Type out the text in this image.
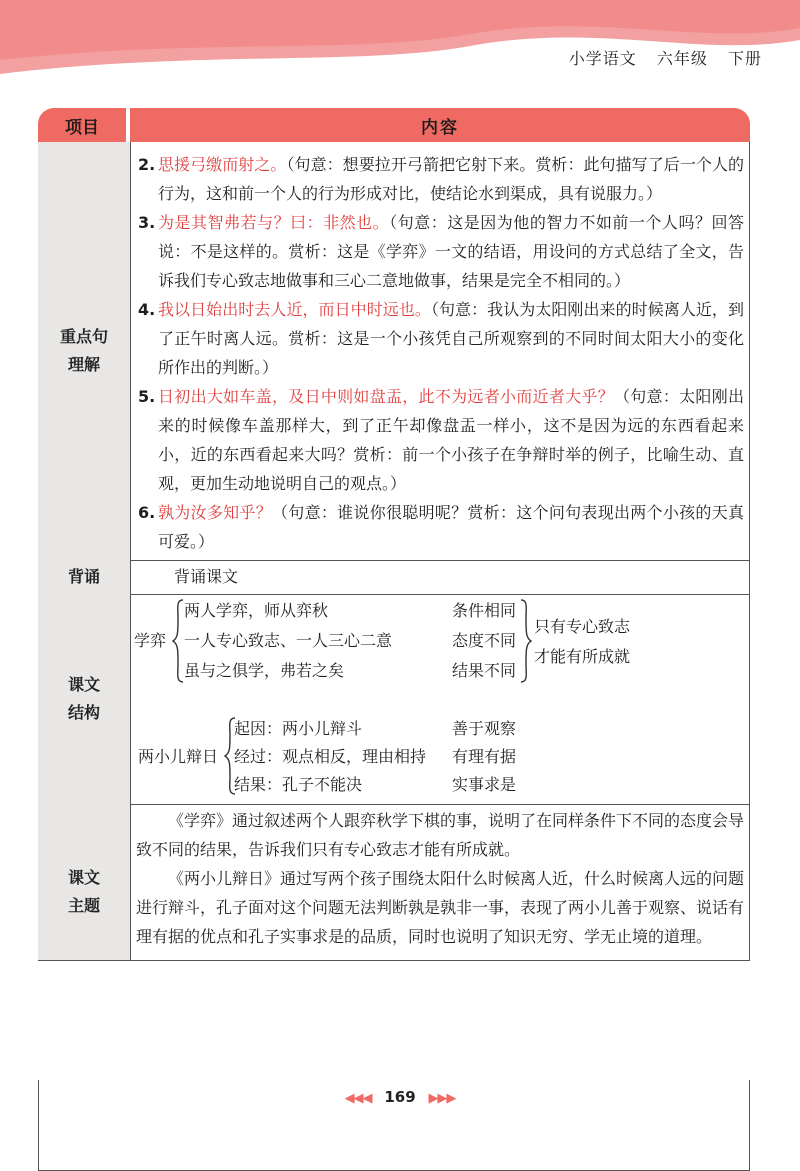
小学语文 六年级 下册
项目	内容
重点句
理解
2. 思援弓缴而射之。（句意：想要拉开弓箭把它射下来。赏析：此句描写了后一个人的行为，这和前一个人的行为形成对比，使结论水到渠成，具有说服力。）
3. 为是其智弗若与？曰：非然也。（句意：这是因为他的智力不如前一个人吗？回答说：不是这样的。赏析：这是《学弈》一文的结语，用设问的方式总结了全文，告诉我们专心致志地做事和三心二意地做事，结果是完全不相同的。）
4. 我以日始出时去人近，而日中时远也。（句意：我认为太阳刚出来的时候离人近，到了正午时离人远。赏析：这是一个小孩凭自己所观察到的不同时间太阳大小的变化所作出的判断。）
5. 日初出大如车盖，及日中则如盘盂，此不为远者小而近者大乎？（句意：太阳刚出来的时候像车盖那样大，到了正午却像盘盂一样小，这不是因为远的东西看起来小，近的东西看起来大吗？赏析：前一个小孩子在争辩时举的例子，比喻生动、直观，更加生动地说明自己的观点。）
6. 孰为汝多知乎？（句意：谁说你很聪明呢？赏析：这个问句表现出两个小孩的天真可爱。）
背诵	背诵课文
课文
结构
学弈
两人学弈，师从弈秋
一人专心致志、一人三心二意
虽与之俱学，弗若之矣
条件相同
态度不同
结果不同
只有专心致志
才能有所成就
两小儿辩日
起因：两小儿辩斗
经过：观点相反，理由相持
结果：孔子不能决
善于观察
有理有据
实事求是
课文
主题
《学弈》通过叙述两个人跟弈秋学下棋的事，说明了在同样条件下不同的态度会导致不同的结果，告诉我们只有专心致志才能有所成就。
《两小儿辩日》通过写两个孩子围绕太阳什么时候离人近，什么时候离人远的问题进行辩斗，孔子面对这个问题无法判断孰是孰非一事，表现了两小儿善于观察、说话有理有据的优点和孔子实事求是的品质，同时也说明了知识无穷、学无止境的道理。
◀◀◀ 169 ▶▶▶
